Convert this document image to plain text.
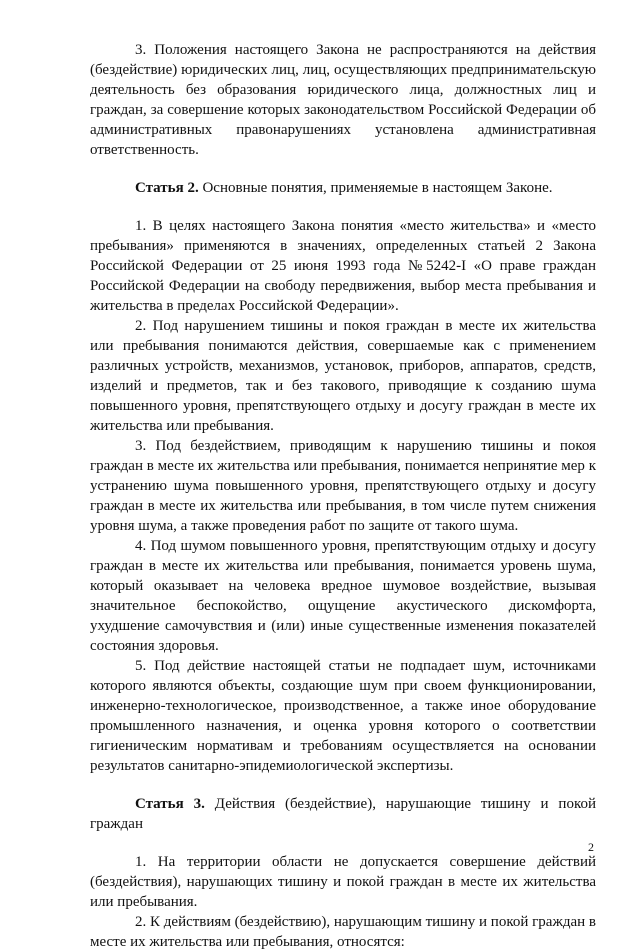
3. Положения настоящего Закона не распространяются на действия (бездействие) юридических лиц, лиц, осуществляющих предпринимательскую деятельность без образования юридического лица, должностных лиц и граждан, за совершение которых законодательством Российской Федерации об административных правонарушениях установлена административная ответственность.

Статья 2. Основные понятия, применяемые в настоящем Законе.

1. В целях настоящего Закона понятия «место жительства» и «место пребывания» применяются в значениях, определенных статьей 2 Закона Российской Федерации от 25 июня 1993 года №5242-I «О праве граждан Российской Федерации на свободу передвижения, выбор места пребывания и жительства в пределах Российской Федерации».

2. Под нарушением тишины и покоя граждан в месте их жительства или пребывания понимаются действия, совершаемые как с применением различных устройств, механизмов, установок, приборов, аппаратов, средств, изделий и предметов, так и без такового, приводящие к созданию шума повышенного уровня, препятствующего отдыху и досугу граждан в месте их жительства или пребывания.

3. Под бездействием, приводящим к нарушению тишины и покоя граждан в месте их жительства или пребывания, понимается непринятие мер к устранению шума повышенного уровня, препятствующего отдыху и досугу граждан в месте их жительства или пребывания, в том числе путем снижения уровня шума, а также проведения работ по защите от такого шума.

4. Под шумом повышенного уровня, препятствующим отдыху и досугу граждан в месте их жительства или пребывания, понимается уровень шума, который оказывает на человека вредное шумовое воздействие, вызывая значительное беспокойство, ощущение акустического дискомфорта, ухудшение самочувствия и (или) иные существенные изменения показателей состояния здоровья.

5. Под действие настоящей статьи не подпадает шум, источниками которого являются объекты, создающие шум при своем функционировании, инженерно-технологическое, производственное, а также иное оборудование промышленного назначения, и оценка уровня которого о соответствии гигиеническим нормативам и требованиям осуществляется на основании результатов санитарно-эпидемиологической экспертизы.

Статья 3. Действия (бездействие), нарушающие тишину и покой граждан

1. На территории области не допускается совершение действий (бездействия), нарушающих тишину и покой граждан в месте их жительства или пребывания.

2. К действиям (бездействию), нарушающим тишину и покой граждан в месте их жительства или пребывания, относятся:

2
